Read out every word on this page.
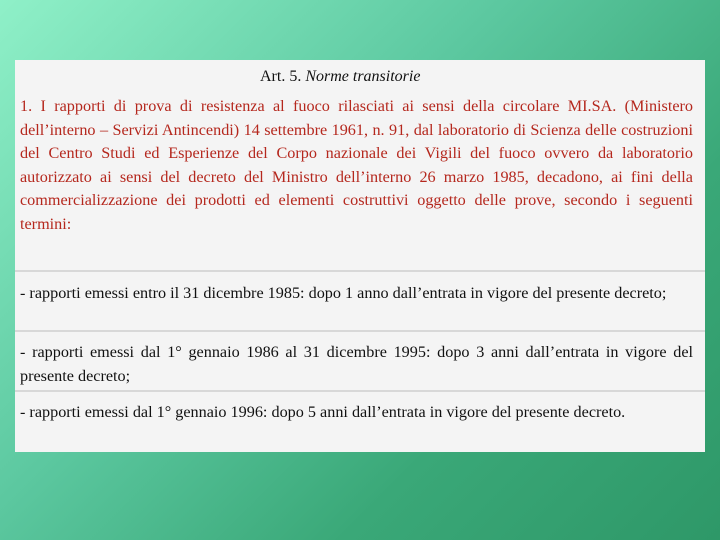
Art. 5. Norme transitorie

1. I rapporti di prova di resistenza al fuoco rilasciati ai sensi della circolare MI.SA. (Ministero dell’interno – Servizi Antincendi) 14 settembre 1961, n. 91, dal laboratorio di Scienza delle costruzioni del Centro Studi ed Esperienze del Corpo nazionale dei Vigili del fuoco ovvero da laboratorio autorizzato ai sensi del decreto del Ministro dell’interno 26 marzo 1985, decadono, ai fini della commercializzazione dei prodotti ed elementi costruttivi oggetto delle prove, secondo i seguenti termini:

- rapporti emessi entro il 31 dicembre 1985: dopo 1 anno dall’entrata in vigore del presente decreto;

- rapporti emessi dal 1° gennaio 1986 al 31 dicembre 1995: dopo 3 anni dall’entrata in vigore del presente decreto;

- rapporti emessi dal 1° gennaio 1996: dopo 5 anni dall’entrata in vigore del presente decreto.
